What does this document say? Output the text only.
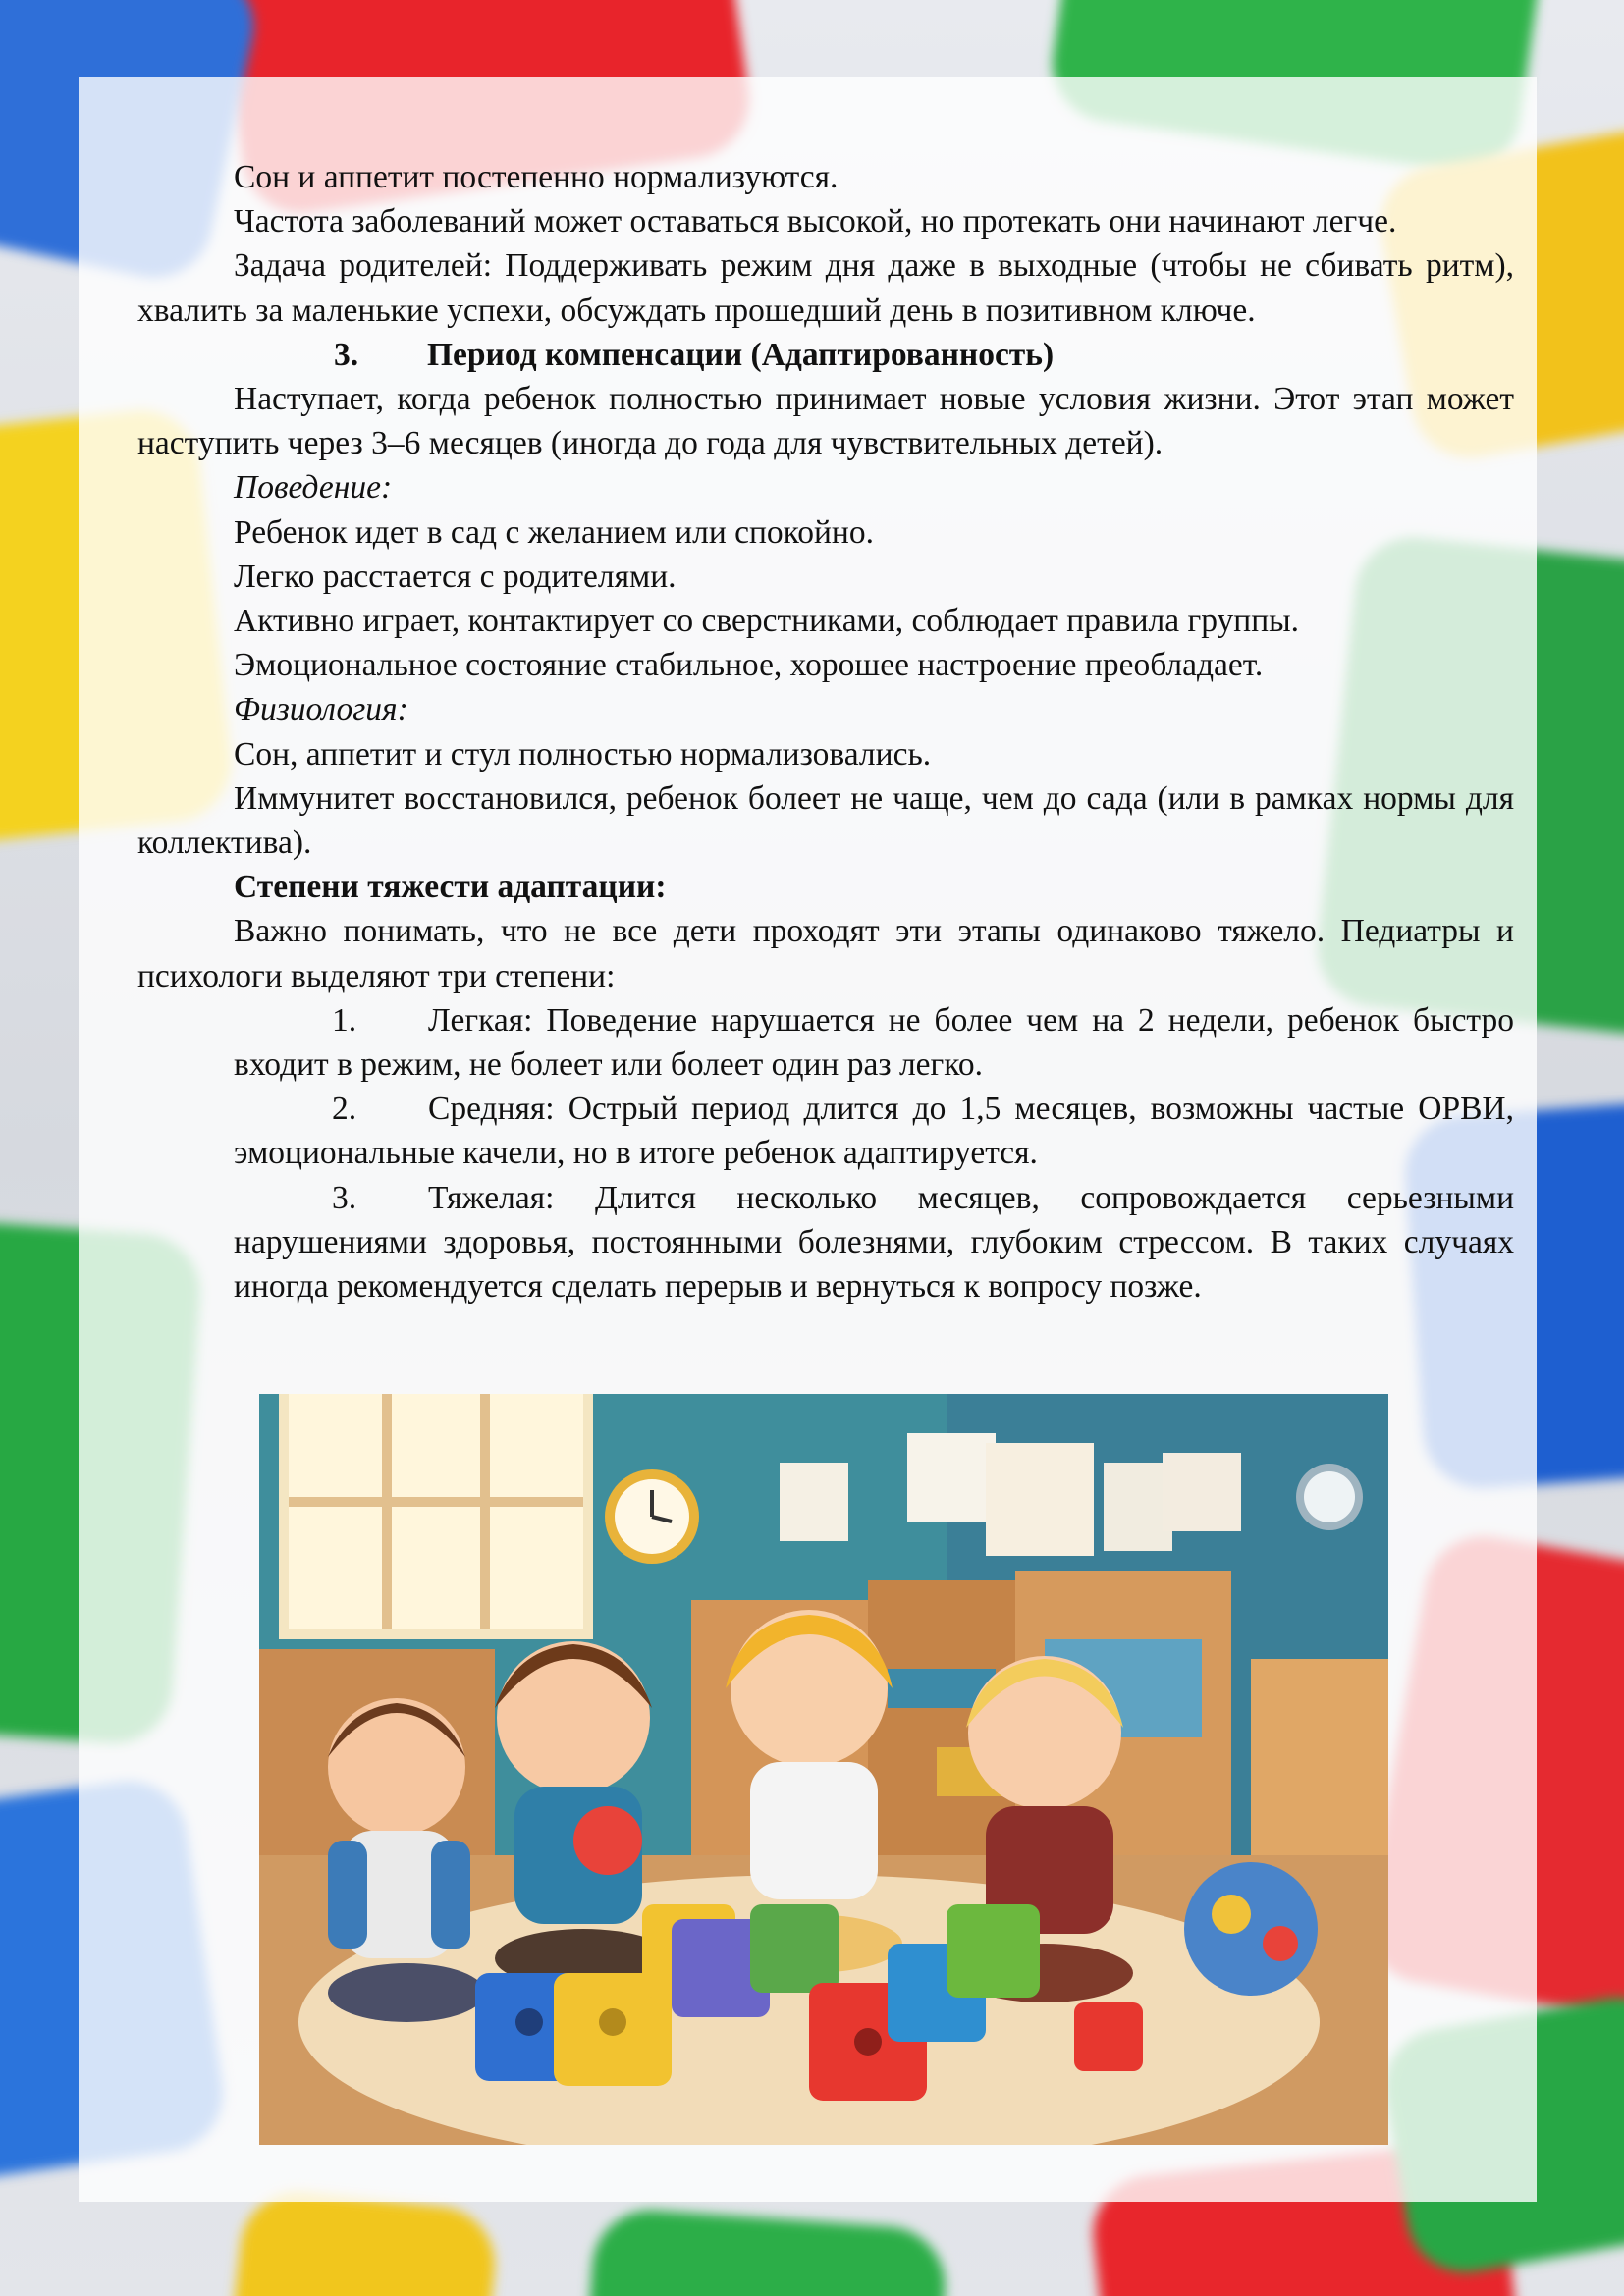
Сон и аппетит постепенно нормализуются.

Частота заболеваний может оставаться высокой, но протекать они начинают легче.

Задача родителей: Поддерживать режим дня даже в выходные (чтобы не сбивать ритм), хвалить за маленькие успехи, обсуждать прошедший день в позитивном ключе.

3. Период компенсации (Адаптированность)

Наступает, когда ребенок полностью принимает новые условия жизни. Этот этап может наступить через 3–6 месяцев (иногда до года для чувствительных детей).

Поведение:

Ребенок идет в сад с желанием или спокойно.

Легко расстается с родителями.

Активно играет, контактирует со сверстниками, соблюдает правила группы.

Эмоциональное состояние стабильное, хорошее настроение преобладает.

Физиология:

Сон, аппетит и стул полностью нормализовались.

Иммунитет восстановился, ребенок болеет не чаще, чем до сада (или в рамках нормы для коллектива).

Степени тяжести адаптации:

Важно понимать, что не все дети проходят эти этапы одинаково тяжело. Педиатры и психологи выделяют три степени:

1. Легкая: Поведение нарушается не более чем на 2 недели, ребенок быстро входит в режим, не болеет или болеет один раз легко.

2. Средняя: Острый период длится до 1,5 месяцев, возможны частые ОРВИ, эмоциональные качели, но в итоге ребенок адаптируется.

3. Тяжелая: Длится несколько месяцев, сопровождается серьезными нарушениями здоровья, постоянными болезнями, глубоким стрессом. В таких случаях иногда рекомендуется сделать перерыв и вернуться к вопросу позже.
